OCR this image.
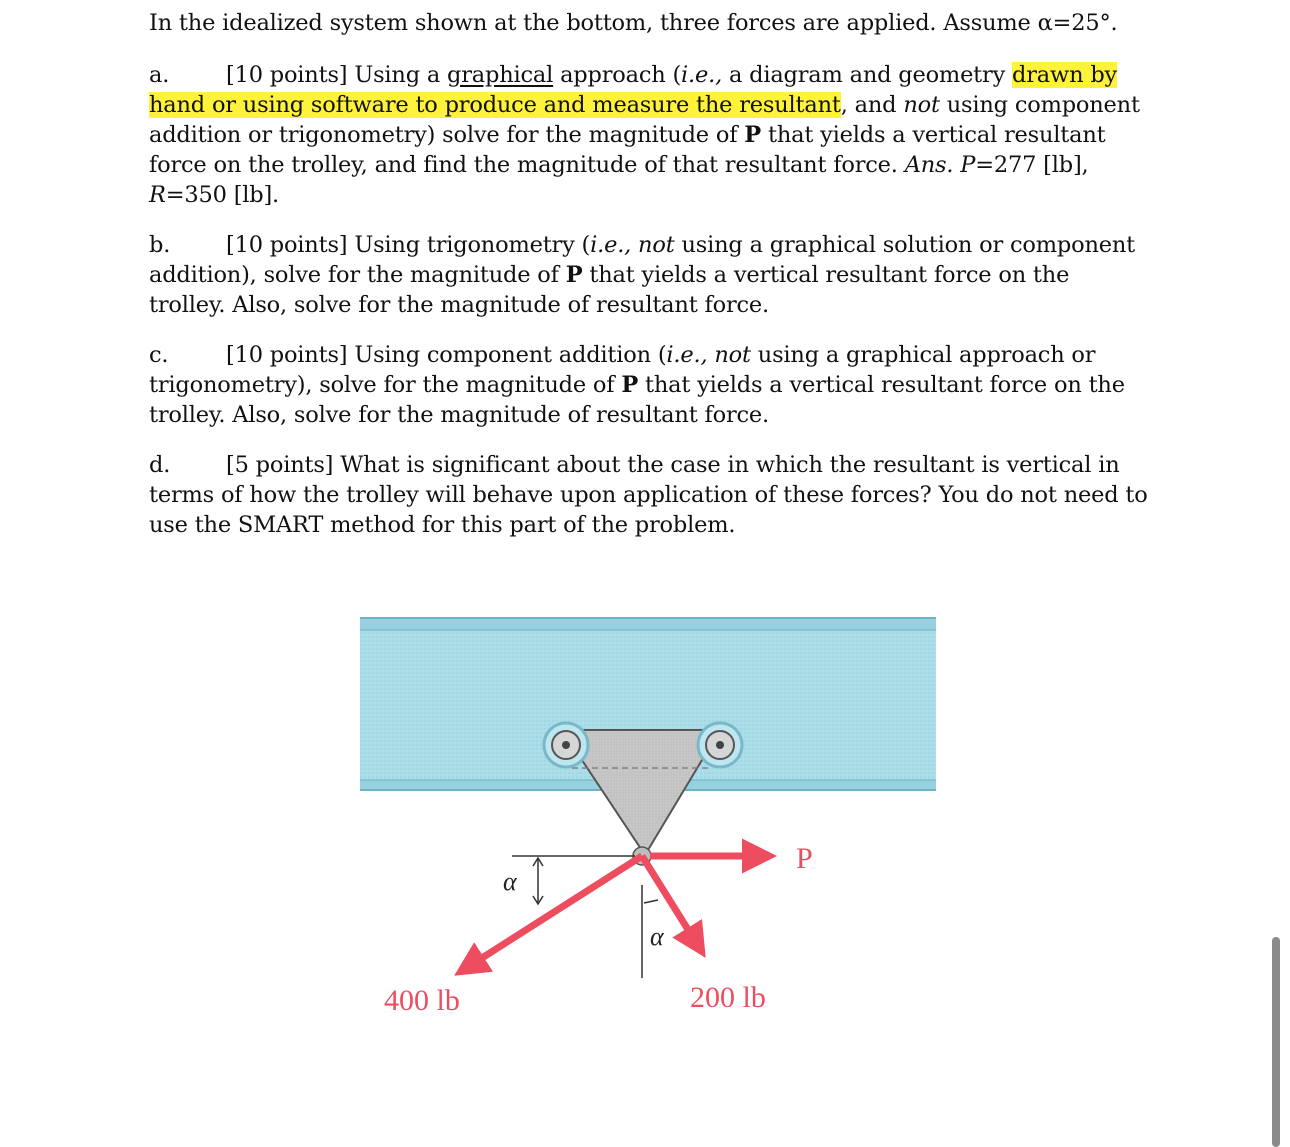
In the idealized system shown at the bottom, three forces are applied. Assume α=25°.

a.	[10 points] Using a graphical approach (i.e., a diagram and geometry drawn by hand or using software to produce and measure the resultant, and not using component addition or trigonometry) solve for the magnitude of P that yields a vertical resultant force on the trolley, and find the magnitude of that resultant force. Ans. P=277 [lb], R=350 [lb].

b. [10 points] Using trigonometry (i.e., not using a graphical solution or component addition), solve for the magnitude of P that yields a vertical resultant force on the trolley. Also, solve for the magnitude of resultant force.

c.	[10 points] Using component addition (i.e., not using a graphical approach or trigonometry), solve for the magnitude of P that yields a vertical resultant force on the trolley. Also, solve for the magnitude of resultant force.

d. [5 points] What is significant about the case in which the resultant is vertical in terms of how the trolley will behave upon application of these forces? You do not need to use the SMART method for this part of the problem.

α
α
P
400 lb	200 lb
